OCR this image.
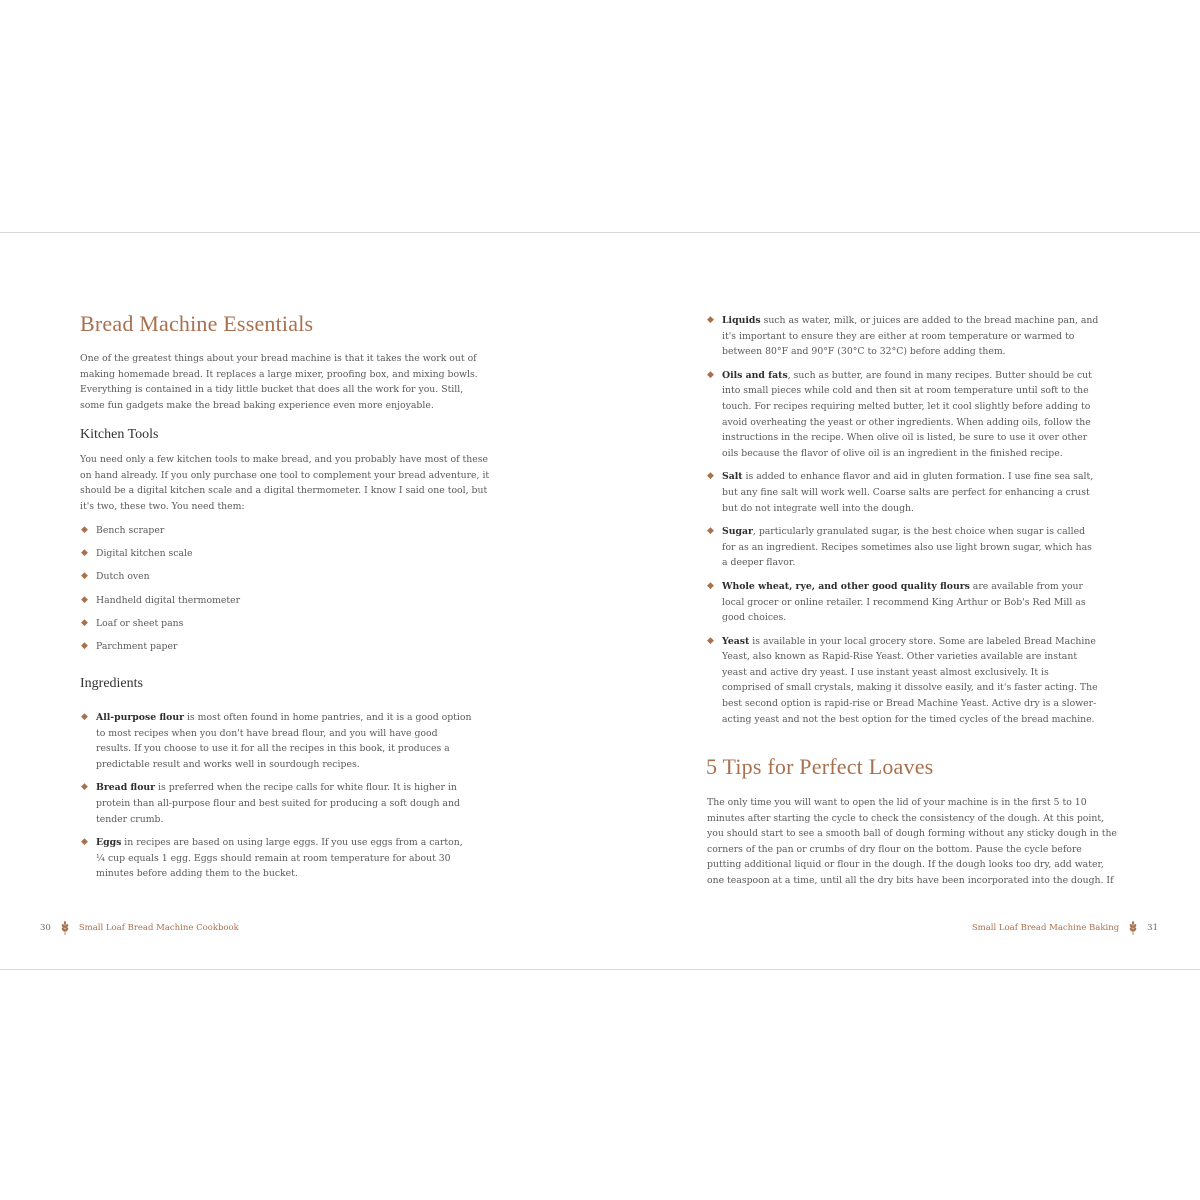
Bread Machine Essentials

One of the greatest things about your bread machine is that it takes the work out of making homemade bread. It replaces a large mixer, proofing box, and mixing bowls. Everything is contained in a tidy little bucket that does all the work for you. Still, some fun gadgets make the bread baking experience even more enjoyable.

Kitchen Tools

You need only a few kitchen tools to make bread, and you probably have most of these on hand already. If you only purchase one tool to complement your bread adventure, it should be a digital kitchen scale and a digital thermometer. I know I said one tool, but it's two, these two. You need them:

◆ Bench scraper
◆ Digital kitchen scale
◆ Dutch oven
◆ Handheld digital thermometer
◆ Loaf or sheet pans
◆ Parchment paper
Ingredients
◆ All-purpose flour is most often found in home pantries, and it is a good option to most recipes when you don't have bread flour, and you will have good results. If you choose to use it for all the recipes in this book, it produces a predictable result and works well in sourdough recipes.
◆ Bread flour is preferred when the recipe calls for white flour. It is higher in protein than all-purpose flour and best suited for producing a soft dough and tender crumb.
◆ Eggs in recipes are based on using large eggs. If you use eggs from a carton, ¼ cup equals 1 egg. Eggs should remain at room temperature for about 30 minutes before adding them to the bucket.
30	Small Loaf Bread Machine Cookbook
◆ Liquids such as water, milk, or juices are added to the bread machine pan, and it's important to ensure they are either at room temperature or warmed to between 80°F and 90°F (30°C to 32°C) before adding them.
◆ Oils and fats, such as butter, are found in many recipes. Butter should be cut into small pieces while cold and then sit at room temperature until soft to the touch. For recipes requiring melted butter, let it cool slightly before adding to avoid overheating the yeast or other ingredients. When adding oils, follow the instructions in the recipe. When olive oil is listed, be sure to use it over other oils because the flavor of olive oil is an ingredient in the finished recipe.
◆ Salt is added to enhance flavor and aid in gluten formation. I use fine sea salt, but any fine salt will work well. Coarse salts are perfect for enhancing a crust but do not integrate well into the dough.
◆ Sugar, particularly granulated sugar, is the best choice when sugar is called for as an ingredient. Recipes sometimes also use light brown sugar, which has a deeper flavor.
◆ Whole wheat, rye, and other good quality flours are available from your local grocer or online retailer. I recommend King Arthur or Bob's Red Mill as good choices.
◆ Yeast is available in your local grocery store. Some are labeled Bread Machine Yeast, also known as Rapid-Rise Yeast. Other varieties available are instant yeast and active dry yeast. I use instant yeast almost exclusively. It is comprised of small crystals, making it dissolve easily, and it's faster acting. The best second option is rapid-rise or Bread Machine Yeast. Active dry is a slower-acting yeast and not the best option for the timed cycles of the bread machine.
5 Tips for Perfect Loaves

The only time you will want to open the lid of your machine is in the first 5 to 10 minutes after starting the cycle to check the consistency of the dough. At this point, you should start to see a smooth ball of dough forming without any sticky dough in the corners of the pan or crumbs of dry flour on the bottom. Pause the cycle before putting additional liquid or flour in the dough. If the dough looks too dry, add water, one teaspoon at a time, until all the dry bits have been incorporated into the dough. If

Small Loaf Bread Machine Baking	31
